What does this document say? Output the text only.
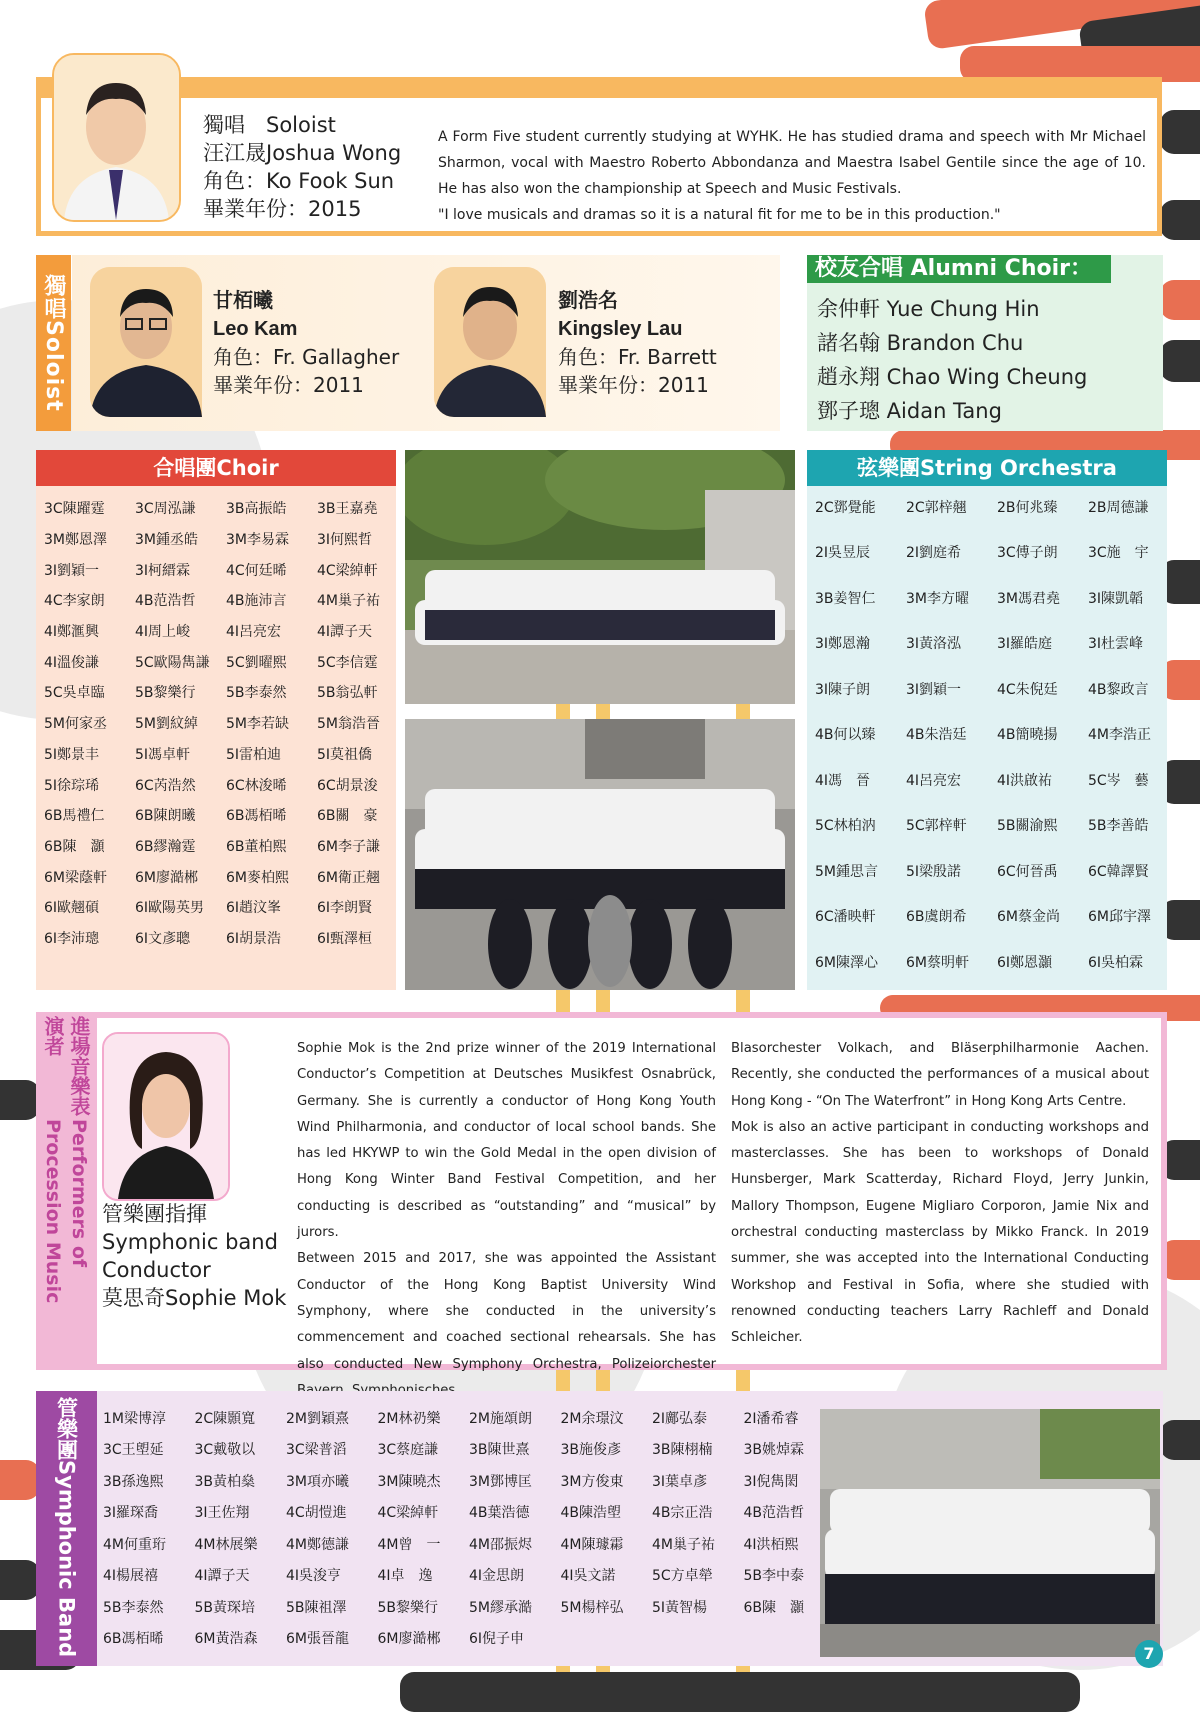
獨唱　Soloist
汪江晟Joshua Wong
角色：Ko Fook Sun
畢業年份：2015
A Form Five student currently studying at WYHK. He has studied drama and speech with Mr Michael Sharmon, vocal with Maestro Roberto Abbondanza and Maestra Isabel Gentile since the age of 10. He has also won the championship at Speech and Music Festivals.
"I love musicals and dramas so it is a natural fit for me to be in this production."
獨唱Soloist	甘栢曦
Leo Kam
角色：Fr. Gallagher
畢業年份：2011
劉浩名
Kingsley Lau
角色：Fr. Barrett
畢業年份：2011
校友合唱 Alumni Choir：
余仲軒 Yue Chung Hin
諸名翰 Brandon Chu
趙永翔 Chao Wing Cheung
鄧子璁 Aidan Tang
合唱團Choir
3C陳躍霆	3C周泓謙	3B高振皓	3B王嘉堯
3M鄭恩澤	3M鍾丞皓	3M李易霖	3I何熙哲
3I劉穎一	3I柯縉霖	4C何廷晞	4C梁綽軒
4C李家朗	4B范浩哲	4B施沛言	4M巢子祐
4I鄭滙興	4I周上峻	4I呂亮宏	4I譚子天
4I溫俊謙	5C歐陽雋謙	5C劉曜熙	5C李信霆
5C吳卓臨	5B黎樂行	5B李泰然	5B翁弘軒
5M何家丞	5M劉紋綽	5M李若缺	5M翁浩晉
5I鄭景丰	5I馮卓軒	5I雷柏迪	5I莫祖僑
5I徐琮琋	6C芮浩然	6C林浚晞	6C胡景浚
6B馬禮仁	6B陳朗曦	6B馮栢晞	6B關　豪
6B陳　灝	6B繆瀚霆	6B董柏熙	6M李子謙
6M梁蔭軒	6M廖澔郴	6M麥柏熙	6M衛正翹
6I歐翹碩	6I歐陽英男	6I趙汶峯	6I李朗賢
6I李沛璁	6I文彥聰	6I胡景浩	6I甄澤桓
弦樂團String Orchestra
2C鄧覺能	2C郭梓翹	2B何兆臻	2B周德謙
2I吳昱辰	2I劉庭希	3C傅子朗	3C施　宇
3B姜智仁	3M李方曜	3M馮君堯	3I陳凱韜
3I鄭恩瀚	3I黃洛泓	3I羅皓庭	3I杜雲峰
3I陳子朗	3I劉穎一	4C朱倪廷	4B黎政言
4B何以臻	4B朱浩廷	4B簡曉揚	4M李浩正
4I馮　晉	4I呂亮宏	4I洪啟祐	5C岑　藝
5C林柏汭	5C郭梓軒	5B關渝熙	5B李善皓
5M鍾思言	5I梁殷諾	6C何晉禹	6C韓譯賢
6C潘映軒	6B虞朗希	6M蔡金尚	6M邱宇澤
6M陳澤心	6M蔡明軒	6I鄭恩灝	6I吳柏霖
進場音樂表演者
Performers of Procession Music	管樂團指揮
Symphonic band
Conductor
莫思奇Sophie Mok

Sophie Mok is the 2nd prize winner of the 2019 International Conductor’s Competition at Deutsches Musikfest Osnabrück, Germany. She is currently a conductor of Hong Kong Youth Wind Philharmonia, and conductor of local school bands. She has led HKYWP to win the Gold Medal in the open division of Hong Kong Winter Band Festival Competition, and her conducting is described as “outstanding” and “musical” by jurors.

Between 2015 and 2017, she was appointed the Assistant Conductor of the Hong Kong Baptist University Wind Symphony, where she conducted in the university’s commencement and coached sectional rehearsals. She has also conducted New Symphony Orchestra, Polizeiorchester

Blasorchester Volkach, and Bläserphilharmonie Aachen. Recently, she conducted the performances of a musical about Hong Kong - “On The Waterfront” in Hong Kong Arts Centre.

Mok is also an active participant in conducting workshops and masterclasses. She has been to workshops of Donald Hunsberger, Mark Scatterday, Richard Floyd, Jerry Junkin, Mallory Thompson, Eugene Migliaro Corporon, Jamie Nix and orchestral conducting masterclass by Mikko Franck. In 2019 summer, she was accepted into the International Conducting Workshop and Festival in Sofia, where she studied with renowned conducting teachers Larry Rachleff and Donald Schleicher.

管樂團
Symphonic Band
1M梁博淳	2C陳顥寬	2M劉穎熹	2M林礽樂	2M施頌朗	2M余璟汶	2I鄺弘泰	2I潘希睿
3C王塱延	3C戴敬以	3C梁普滔	3C蔡庭謙	3B陳世熹	3B施俊彥	3B陳栩楠	3B姚焯霖
3B孫逸熙	3B黃柏燊	3M項亦曦	3M陳曉杰	3M鄧博匡	3M方俊東	3I葉卓彥	3I倪雋閎
3I羅琛喬	3I王佐翔	4C胡愷進	4C梁綽軒	4B葉浩德	4B陳浩塱	4B宗正浩	4B范浩哲
4M何重珩	4M林展樂	4M鄭德謙	4M曾　一	4M邵振烬	4M陳璩霦	4M巢子祐	4I洪栢熙
4I楊展禧	4I譚子天	4I吳浚亨	4I卓　逸	4I金思朗	4I吳文諾	5C方卓犖	5B李中泰
5B李泰然	5B黃琛培	5B陳祖澤	5B黎樂行	5M繆承澔	5M楊梓弘	5I黃智楊	6B陳　灝
6B馮栢晞	6M黃浩森	6M張晉龍	6M廖澔郴	6I倪子申
7
